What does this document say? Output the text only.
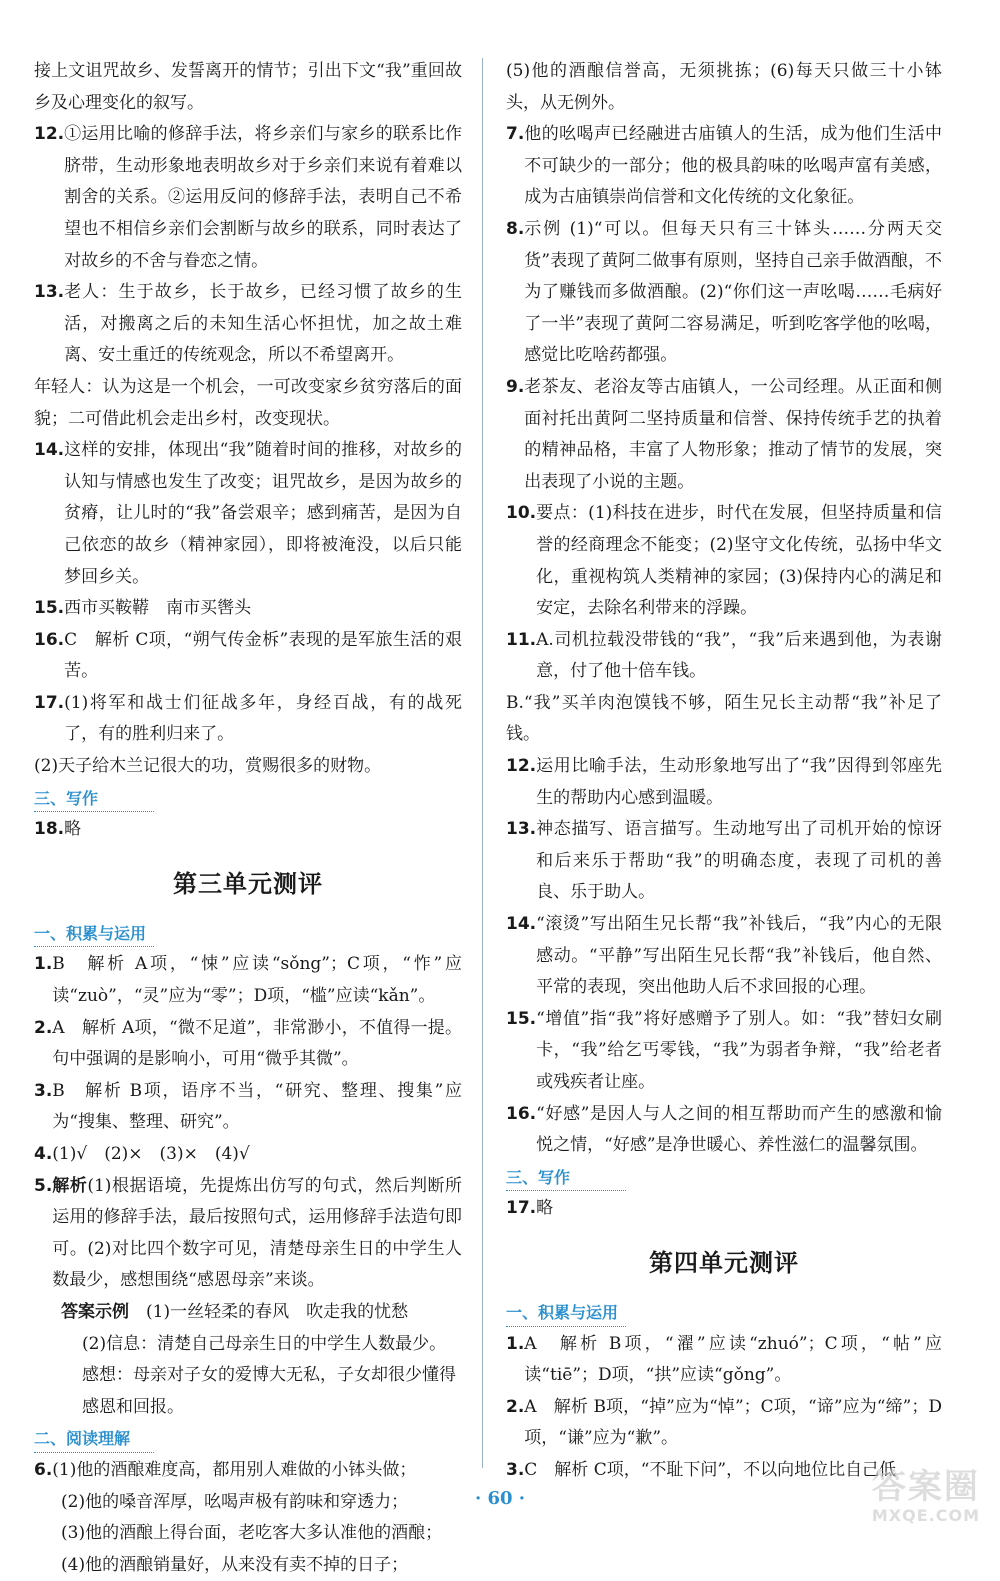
接上文诅咒故乡、发誓离开的情节；引出下文“我”重回故乡及心理变化的叙写。
12. ①运用比喻的修辞手法，将乡亲们与家乡的联系比作脐带，生动形象地表明故乡对于乡亲们来说有着难以割舍的关系。②运用反问的修辞手法，表明自己不希望也不相信乡亲们会割断与故乡的联系，同时表达了对故乡的不舍与眷恋之情。
13. 老人：生于故乡，长于故乡，已经习惯了故乡的生活，对搬离之后的未知生活心怀担忧，加之故土难离、安土重迁的传统观念，所以不希望离开。
年轻人：认为这是一个机会，一可改变家乡贫穷落后的面貌；二可借此机会走出乡村，改变现状。
14. 这样的安排，体现出“我”随着时间的推移，对故乡的认知与情感也发生了改变；诅咒故乡，是因为故乡的贫瘠，让儿时的“我”备尝艰辛；感到痛苦，是因为自己依恋的故乡（精神家园），即将被淹没，以后只能梦回乡关。
15. 西市买鞍鞯　南市买辔头
16. C　解析 C项，“朔气传金柝”表现的是军旅生活的艰苦。
17. (1)将军和战士们征战多年，身经百战，有的战死了，有的胜利归来了。
(2)天子给木兰记很大的功，赏赐很多的财物。
三、写作
18. 略
第三单元测评
一、积累与运用
1. B　解析 A项，“悚”应读“sǒng”；C项，“怍”应读“zuò”，“灵”应为“零”；D项，“槛”应读“kǎn”。
2. A　解析 A项，“微不足道”，非常渺小，不值得一提。句中强调的是影响小，可用“微乎其微”。
3. B　解析 B项，语序不当，“研究、整理、搜集”应为“搜集、整理、研究”。
4. (1)√　(2)×　(3)×　(4)√
5. 解析(1)根据语境，先提炼出仿写的句式，然后判断所运用的修辞手法，最后按照句式，运用修辞手法造句即可。(2)对比四个数字可见，清楚母亲生日的中学生人数最少，感想围绕“感恩母亲”来谈。
答案示例  (1)一丝轻柔的春风　吹走我的忧愁
(2)信息：清楚自己母亲生日的中学生人数最少。
感想：母亲对子女的爱博大无私，子女却很少懂得感恩和回报。
二、阅读理解
6. (1)他的酒酿难度高，都用别人难做的小钵头做；
(2)他的嗓音浑厚，吆喝声极有韵味和穿透力；
(3)他的酒酿上得台面，老吃客大多认准他的酒酿；
(4)他的酒酿销量好，从来没有卖不掉的日子；
(5)他的酒酿信誉高，无须挑拣；(6)每天只做三十小钵头，从无例外。
7. 他的吆喝声已经融进古庙镇人的生活，成为他们生活中不可缺少的一部分；他的极具韵味的吆喝声富有美感，成为古庙镇崇尚信誉和文化传统的文化象征。
8. 示例 (1)“可以。但每天只有三十钵头……分两天交货”表现了黄阿二做事有原则，坚持自己亲手做酒酿，不为了赚钱而多做酒酿。(2)“你们这一声吆喝……毛病好了一半”表现了黄阿二容易满足，听到吃客学他的吆喝，感觉比吃啥药都强。
9. 老茶友、老浴友等古庙镇人，一公司经理。从正面和侧面衬托出黄阿二坚持质量和信誉、保持传统手艺的执着的精神品格，丰富了人物形象；推动了情节的发展，突出表现了小说的主题。
10. 要点：(1)科技在进步，时代在发展，但坚持质量和信誉的经商理念不能变；(2)坚守文化传统，弘扬中华文化，重视构筑人类精神的家园；(3)保持内心的满足和安定，去除名利带来的浮躁。
11. A.司机拉载没带钱的“我”，“我”后来遇到他，为表谢意，付了他十倍车钱。
B.“我”买羊肉泡馍钱不够，陌生兄长主动帮“我”补足了钱。
12. 运用比喻手法，生动形象地写出了“我”因得到邻座先生的帮助内心感到温暖。
13. 神态描写、语言描写。生动地写出了司机开始的惊讶和后来乐于帮助“我”的明确态度，表现了司机的善良、乐于助人。
14. “滚烫”写出陌生兄长帮“我”补钱后，“我”内心的无限感动。“平静”写出陌生兄长帮“我”补钱后，他自然、平常的表现，突出他助人后不求回报的心理。
15. “增值”指“我”将好感赠予了别人。如：“我”替妇女刷卡，“我”给乞丐零钱，“我”为弱者争辩，“我”给老者或残疾者让座。
16. “好感”是因人与人之间的相互帮助而产生的感激和愉悦之情，“好感”是净世暖心、养性滋仁的温馨氛围。
三、写作
17. 略
第四单元测评
一、积累与运用
1. A　解析 B项，“濯”应读“zhuó”；C项，“帖”应读“tiē”；D项，“拱”应读“gǒng”。
2. A　解析 B项，“掉”应为“悼”；C项，“谛”应为“缔”；D项，“谦”应为“歉”。
3. C　解析 C项，“不耻下问”，不以向地位比自己低
· 60 ·	答案圈
MXQE.COM
